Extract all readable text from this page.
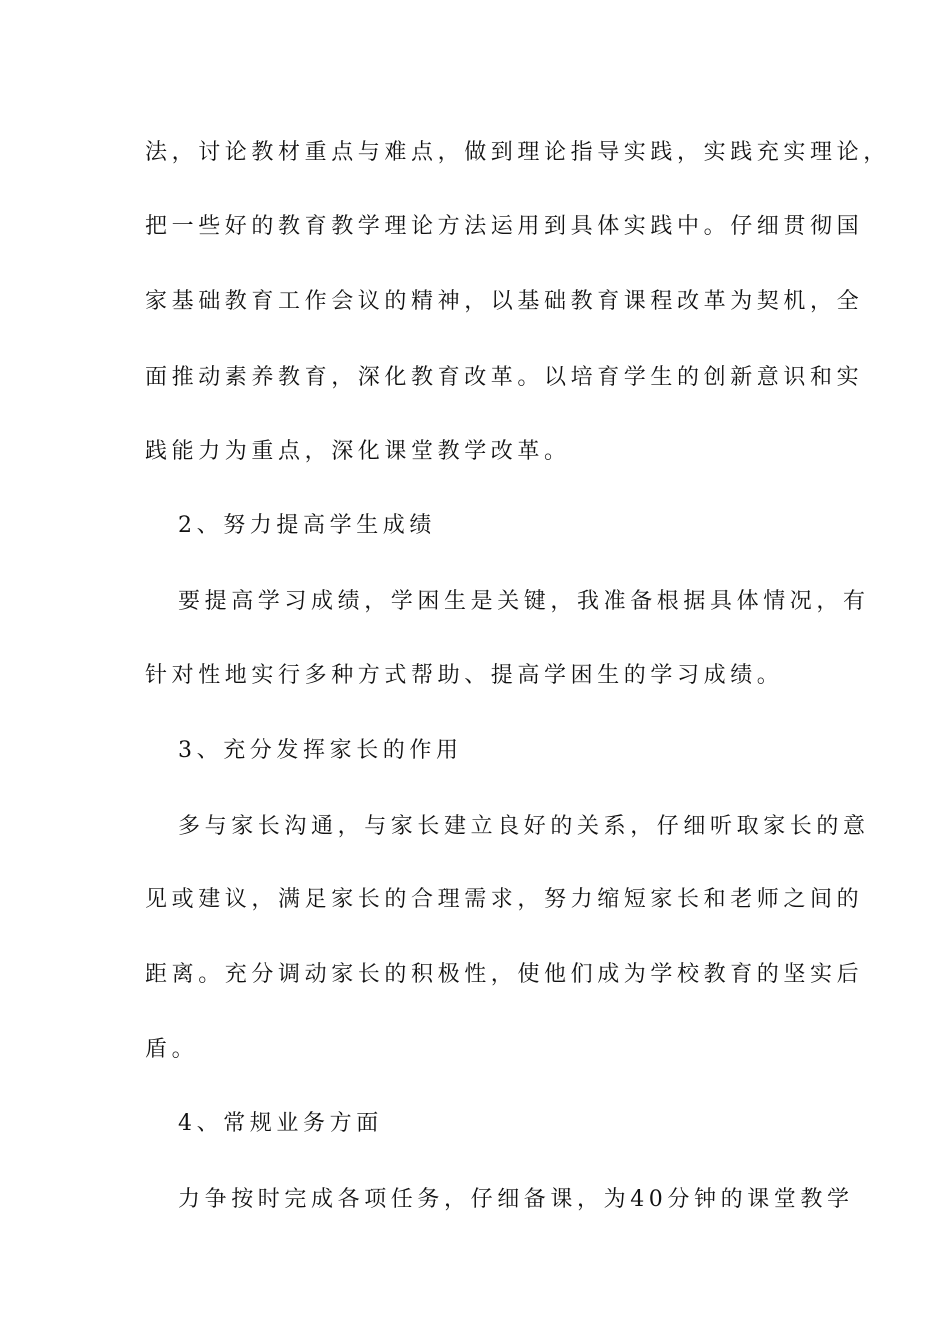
法，讨论教材重点与难点，做到理论指导实践，实践充实理论，
把一些好的教育教学理论方法运用到具体实践中。仔细贯彻国
家基础教育工作会议的精神，以基础教育课程改革为契机，全
面推动素养教育，深化教育改革。以培育学生的创新意识和实
践能力为重点，深化课堂教学改革。
2、努力提高学生成绩
要提高学习成绩，学困生是关键，我准备根据具体情况，有
针对性地实行多种方式帮助、提高学困生的学习成绩。
3、充分发挥家长的作用
多与家长沟通，与家长建立良好的关系，仔细听取家长的意
见或建议，满足家长的合理需求，努力缩短家长和老师之间的
距离。充分调动家长的积极性，使他们成为学校教育的坚实后
盾。
4、常规业务方面
力争按时完成各项任务，仔细备课，为40分钟的课堂教学
